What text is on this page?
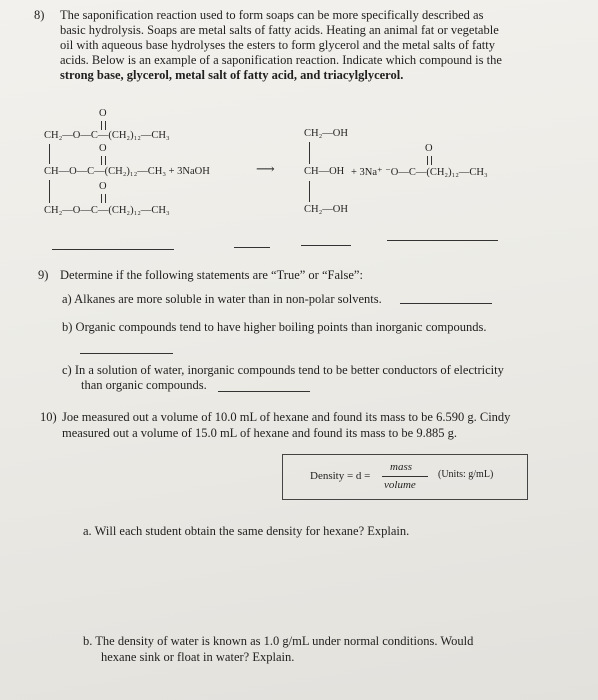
8) The saponification reaction used to form soaps can be more specifically described as
basic hydrolysis. Soaps are metal salts of fatty acids. Heating an animal fat or vegetable
oil with aqueous base hydrolyses the esters to form glycerol and the metal salts of fatty
acids. Below is an example of a saponification reaction. Indicate which compound is the
strong base, glycerol, metal salt of fatty acid, and triacylglycerol.
O
CH₂—O—C—(CH₂)₁₂—CH₃
O
CH—O—C—(CH₂)₁₂—CH₃ + 3NaOH
O
CH₂—O—C—(CH₂)₁₂—CH₃
⟶
CH₂—OH
CH—OH
CH₂—OH
O
+ 3Na⁺ ⁻O—C—(CH₂)₁₂—CH₃
9) Determine if the following statements are “True” or “False”:
a) Alkanes are more soluble in water than in non-polar solvents.
b) Organic compounds tend to have higher boiling points than inorganic compounds.
c) In a solution of water, inorganic compounds tend to be better conductors of electricity
than organic compounds.
10) Joe measured out a volume of 10.0 mL of hexane and found its mass to be 6.590 g. Cindy
measured out a volume of 15.0 mL of hexane and found its mass to be 9.885 g.
Density = d =
mass
volume
(Units: g/mL)
a. Will each student obtain the same density for hexane? Explain.
b. The density of water is known as 1.0 g/mL under normal conditions. Would
hexane sink or float in water? Explain.
